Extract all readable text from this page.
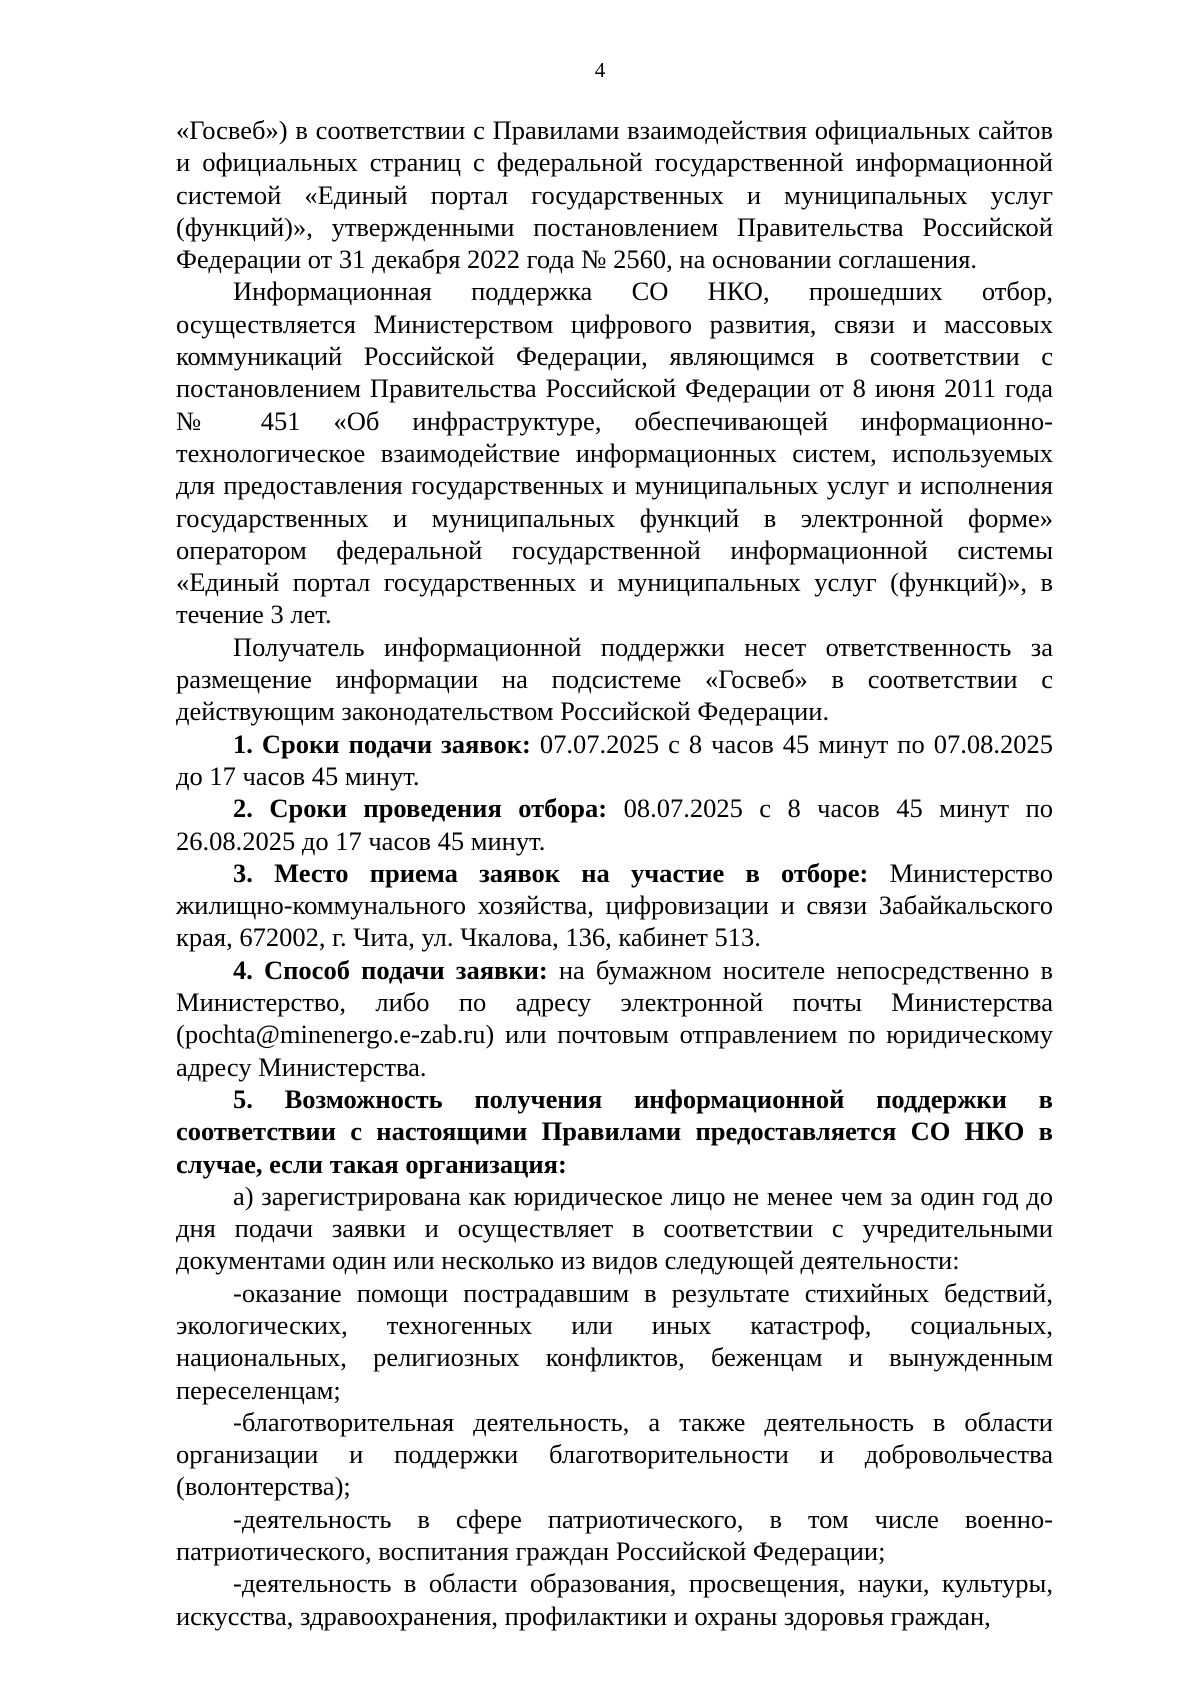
4

«Госвеб») в соответствии с Правилами взаимодействия официальных сайтов и официальных страниц с федеральной государственной информационной системой «Единый портал государственных и муниципальных услуг (функций)», утвержденными постановлением Правительства Российской Федерации от 31 декабря 2022 года № 2560, на основании соглашения.

Информационная поддержка СО НКО, прошедших отбор, осуществляется Министерством цифрового развития, связи и массовых коммуникаций Российской Федерации, являющимся в соответствии с постановлением Правительства Российской Федерации от 8 июня 2011 года № 451 «Об инфраструктуре, обеспечивающей информационно-технологическое взаимодействие информационных систем, используемых для предоставления государственных и муниципальных услуг и исполнения государственных и муниципальных функций в электронной форме» оператором федеральной государственной информационной системы «Единый портал государственных и муниципальных услуг (функций)», в течение 3 лет.

Получатель информационной поддержки несет ответственность за размещение информации на подсистеме «Госвеб» в соответствии с действующим законодательством Российской Федерации.

1. Сроки подачи заявок: 07.07.2025 с 8 часов 45 минут по 07.08.2025 до 17 часов 45 минут.

2. Сроки проведения отбора: 08.07.2025 с 8 часов 45 минут по 26.08.2025 до 17 часов 45 минут.

3. Место приема заявок на участие в отборе: Министерство жилищно-коммунального хозяйства, цифровизации и связи Забайкальского края, 672002, г. Чита, ул. Чкалова, 136, кабинет 513.

4. Способ подачи заявки: на бумажном носителе непосредственно в Министерство, либо по адресу электронной почты Министерства (pochta@minenergo.e-zab.ru) или почтовым отправлением по юридическому адресу Министерства.

5. Возможность получения информационной поддержки в соответствии с настоящими Правилами предоставляется СО НКО в случае, если такая организация:

а) зарегистрирована как юридическое лицо не менее чем за один год до дня подачи заявки и осуществляет в соответствии с учредительными документами один или несколько из видов следующей деятельности:

-оказание помощи пострадавшим в результате стихийных бедствий, экологических, техногенных или иных катастроф, социальных, национальных, религиозных конфликтов, беженцам и вынужденным переселенцам;

-благотворительная деятельность, а также деятельность в области организации и поддержки благотворительности и добровольчества (волонтерства);

-деятельность в сфере патриотического, в том числе военно-патриотического, воспитания граждан Российской Федерации;

-деятельность в области образования, просвещения, науки, культуры, искусства, здравоохранения, профилактики и охраны здоровья граждан,
